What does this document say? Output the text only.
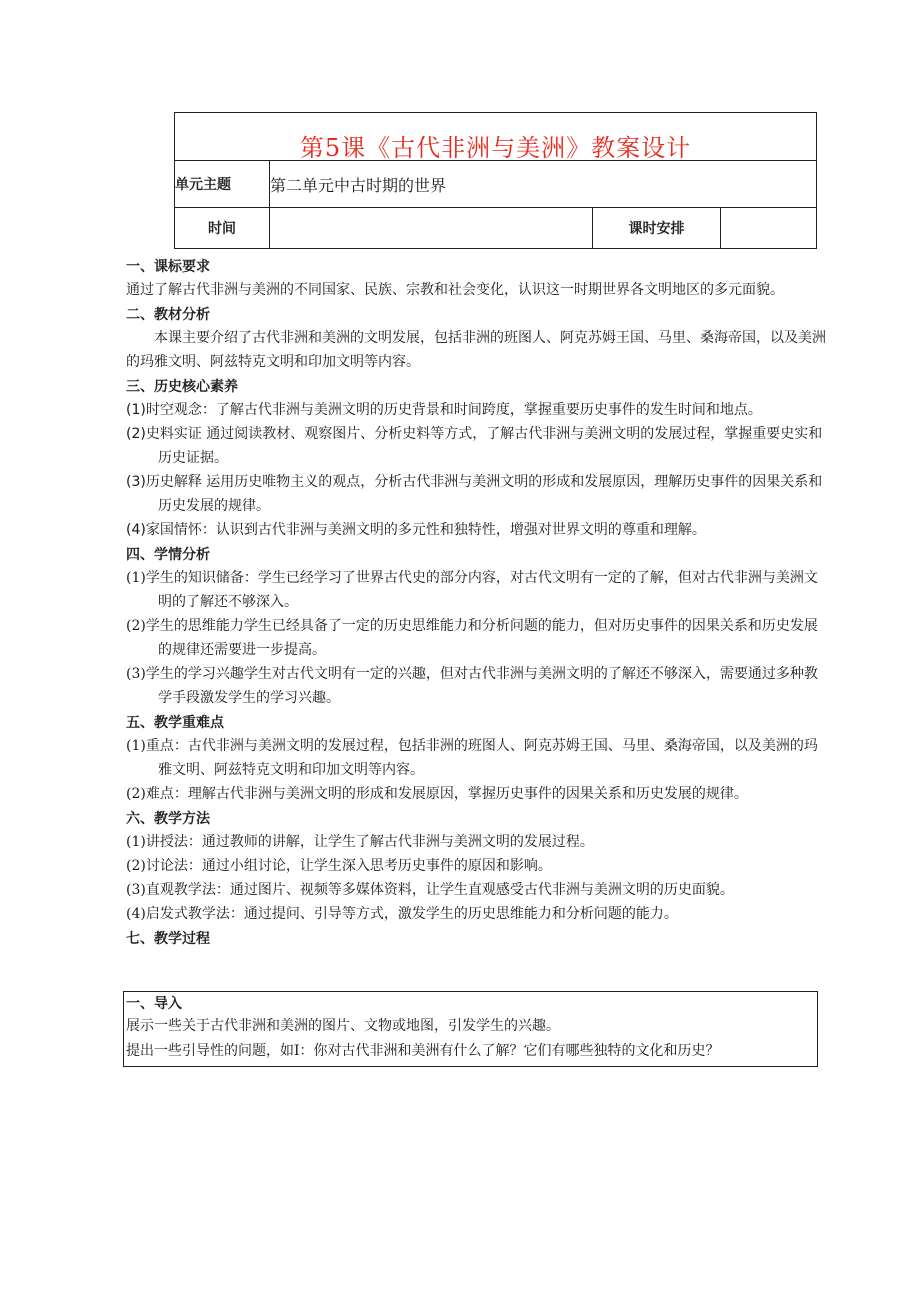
第5课《古代非洲与美洲》教案设计			
单元主题	第二单元中古时期的世界		
时间		课时安排	
一、课标要求

通过了解古代非洲与美洲的不同国家、民族、宗教和社会变化，认识这一时期世界各文明地区的多元面貌。

二、教材分析

本课主要介绍了古代非洲和美洲的文明发展，包括非洲的班图人、阿克苏姆王国、马里、桑海帝国，以及美洲的玛雅文明、阿兹特克文明和印加文明等内容。

三、历史核心素养

(1)时空观念：了解古代非洲与美洲文明的历史背景和时间跨度，掌握重要历史事件的发生时间和地点。

(2)史料实证 通过阅读教材、观察图片、分析史料等方式，了解古代非洲与美洲文明的发展过程，掌握重要史实和历史证据。

(3)历史解释 运用历史唯物主义的观点，分析古代非洲与美洲文明的形成和发展原因，理解历史事件的因果关系和历史发展的规律。

(4)家国情怀：认识到古代非洲与美洲文明的多元性和独特性，增强对世界文明的尊重和理解。

四、学情分析

(1)学生的知识储备：学生已经学习了世界古代史的部分内容，对古代文明有一定的了解，但对古代非洲与美洲文明的了解还不够深入。

(2)学生的思维能力学生已经具备了一定的历史思维能力和分析问题的能力，但对历史事件的因果关系和历史发展的规律还需要进一步提高。

(3)学生的学习兴趣学生对古代文明有一定的兴趣，但对古代非洲与美洲文明的了解还不够深入，需要通过多种教学手段激发学生的学习兴趣。

五、教学重难点

(1)重点：古代非洲与美洲文明的发展过程，包括非洲的班图人、阿克苏姆王国、马里、桑海帝国，以及美洲的玛雅文明、阿兹特克文明和印加文明等内容。

(2)难点：理解古代非洲与美洲文明的形成和发展原因，掌握历史事件的因果关系和历史发展的规律。

六、教学方法

(1)讲授法：通过教师的讲解，让学生了解古代非洲与美洲文明的发展过程。

(2)讨论法：通过小组讨论，让学生深入思考历史事件的原因和影响。

(3)直观教学法：通过图片、视频等多媒体资料，让学生直观感受古代非洲与美洲文明的历史面貌。

(4)启发式教学法：通过提问、引导等方式，激发学生的历史思维能力和分析问题的能力。

七、教学过程
一、导入

展示一些关于古代非洲和美洲的图片、文物或地图，引发学生的兴趣。

提出一些引导性的问题，如I：你对古代非洲和美洲有什么了解？它们有哪些独特的文化和历史？
